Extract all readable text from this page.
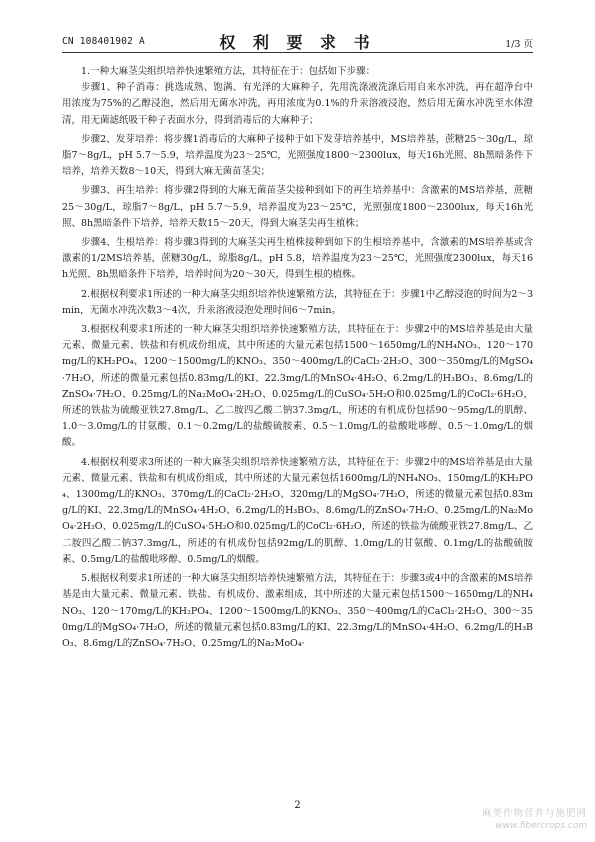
CN 108401902 A	权 利 要 求 书	1/3 页

1.一种大麻茎尖组织培养快速繁殖方法，其特征在于：包括如下步骤：

步骤1、种子消毒：挑选成熟、饱满、有光泽的大麻种子，先用洗涤液洗涤后用自来水冲洗，再在超净台中用浓度为75%的乙醇浸泡，然后用无菌水冲洗，再用浓度为0.1%的升汞溶液浸泡，然后用无菌水冲洗至水体澄清，用无菌滤纸吸干种子表面水分，得到消毒后的大麻种子；

步骤2、发芽培养：将步骤1消毒后的大麻种子接种于如下发芽培养基中，MS培养基，蔗糖25～30g/L，琼脂7～8g/L，pH 5.7～5.9，培养温度为23～25℃，光照强度1800～2300lux，每天16h光照、8h黑暗条件下培养，培养天数8～10天，得到大麻无菌苗茎尖；

步骤3、再生培养：将步骤2得到的大麻无菌苗茎尖接种到如下的再生培养基中：含激素的MS培养基，蔗糖25～30g/L，琼脂7～8g/L，pH 5.7～5.9，培养温度为23～25℃，光照强度1800～2300lux，每天16h光照、8h黑暗条件下培养，培养天数15～20天，得到大麻茎尖再生植株；

步骤4、生根培养：将步骤3得到的大麻茎尖再生植株接种到如下的生根培养基中，含激素的MS培养基或含激素的1/2MS培养基，蔗糖30g/L，琼脂8g/L，pH 5.8，培养温度为23～25℃，光照强度2300lux，每天16h光照、8h黑暗条件下培养，培养时间为20～30天，得到生根的植株。

2.根据权利要求1所述的一种大麻茎尖组织培养快速繁殖方法，其特征在于：步骤1中乙醇浸泡的时间为2～3min，无菌水冲洗次数3～4次，升汞溶液浸泡处理时间6～7min。

3.根据权利要求1所述的一种大麻茎尖组织培养快速繁殖方法，其特征在于：步骤2中的MS培养基是由大量元素、微量元素、铁盐和有机成份组成，其中所述的大量元素包括1500～1650mg/L的NH₄NO₃、120～170mg/L的KH₂PO₄、1200～1500mg/L的KNO₃、350～400mg/L的CaCl₂·2H₂O、300～350mg/L的MgSO₄·7H₂O，所述的微量元素包括0.83mg/L的KI、22.3mg/L的MnSO₄·4H₂O、6.2mg/L的H₃BO₃、8.6mg/L的ZnSO₄·7H₂O、0.25mg/L的Na₂MoO₄·2H₂O、0.025mg/L的CuSO₄·5H₂O和0.025mg/L的CoCl₂·6H₂O，所述的铁盐为硫酸亚铁27.8mg/L、乙二胺四乙酸二钠37.3mg/L，所述的有机成份包括90～95mg/L的肌醇、1.0～3.0mg/L的甘氨酸、0.1～0.2mg/L的盐酸硫胺素、0.5～1.0mg/L的盐酸吡哆醇、0.5～1.0mg/L的烟酸。

4.根据权利要求3所述的一种大麻茎尖组织培养快速繁殖方法，其特征在于：步骤2中的MS培养基是由大量元素、微量元素、铁盐和有机成份组成，其中所述的大量元素包括1600mg/L的NH₄NO₃、150mg/L的KH₂PO₄、1300mg/L的KNO₃、370mg/L的CaCl₂·2H₂O、320mg/L的MgSO₄·7H₂O，所述的微量元素包括0.83mg/L的KI、22.3mg/L的MnSO₄·4H₂O、6.2mg/L的H₃BO₃、8.6mg/L的ZnSO₄·7H₂O、0.25mg/L的Na₂MoO₄·2H₂O、0.025mg/L的CuSO₄·5H₂O和0.025mg/L的CoCl₂·6H₂O，所述的铁盐为硫酸亚铁27.8mg/L、乙二胺四乙酸二钠37.3mg/L，所述的有机成份包括92mg/L的肌醇、1.0mg/L的甘氨酸、0.1mg/L的盐酸硫胺素、0.5mg/L的盐酸吡哆醇、0.5mg/L的烟酸。

5.根据权利要求1所述的一种大麻茎尖组织培养快速繁殖方法，其特征在于：步骤3或4中的含激素的MS培养基是由大量元素、微量元素、铁盐、有机成份、激素组成，其中所述的大量元素包括1500～1650mg/L的NH₄NO₃、120～170mg/L的KH₂PO₄、1200～1500mg/L的KNO₃、350～400mg/L的CaCl₂·2H₂O、300～350mg/L的MgSO₄·7H₂O，所述的微量元素包括0.83mg/L的KI、22.3mg/L的MnSO₄·4H₂O、6.2mg/L的H₃BO₃、8.6mg/L的ZnSO₄·7H₂O、0.25mg/L的Na₂MoO₄·

2
麻类作物营养与施肥网
www.fibercrops.com
